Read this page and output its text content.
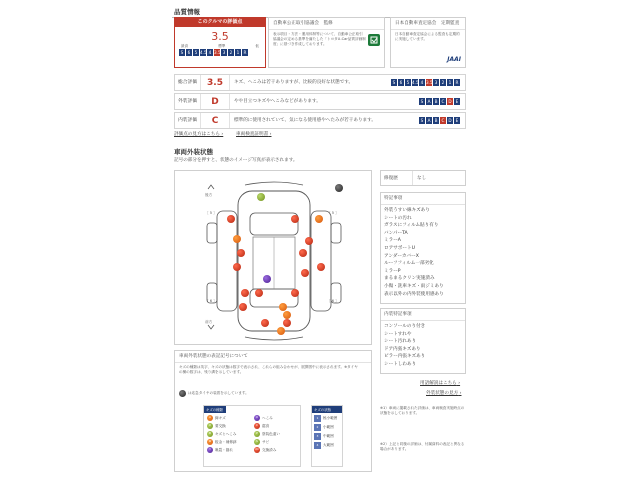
品質情報
このクルマの評価点
3.5
最高	標準	低
S	6	5 4.5 4 3.5 3	2	1	R
自動車公正取引協議会　監修
表示項目・方法・運用体制等について、自動車公正取引協議会の定める基準を満たした「トヨタU-Car品質評価制度」に基づき作成しております。
日本自動車査定協会　定期監査
日本自動車査定協会による監査も定期的に実施しています。
JAAI
総合評価	3.5	キズ、へこみは若干ありますが、比較的良好な状態です。	S	6	5 4.5 4 3.5 3	2	1	R
外装評価	D	やや目立つキズやへこみなどがあります。	S	A B C D E
内装評価	C	標準的に使用されていて、気になる使用感やへたみが若干あります。	S	A B C D E
評価点の見方はこちら ›	車両検査証明書 ›
車両外装状態
記号の部分を押すと、状態のイメージ写真が表示されます。
後方
前方
［ 5 ］	［ 5 ］
［ 6 ］	［ 6 ］
車両外装状態の表記記号について
キズの種類は英字、キズの状態は数字で表示され、これらの組み合わせが、展開図中に表示されます。※タイヤの横の数字は、残り溝を示しています。
は応急タイヤの装着を示しています。
キズの種類
A	線キズ	U	へこみ
X	要交換	C	腐食
B	キズとへこみ	P	塗装色違い
W	板金・補修跡	S	サビ
Y	亀裂・割れ	XX 交換済み
キズの状態
1	極小範囲
2	小範囲
3	中範囲
4	大範囲
修復歴	なし
特記事項
外装うすい線キズあり
シートの汚れ
ガラスにフィルム貼り有り
バンパーTA
ミラーA
ロアサポートU
アンダーカバーX
ルーフフィルム一部劣化
ミラーP
まるまるクリン実施済み
小傷・洗車キズ・雨ジミあり
表示以外の内外装使用感あり
内装特記事項
コンソールのり付き
シートすれや
シート汚れあり
ドア内張キズあり
ピラー内張キズあり
シートしわあり
用語解説はこちら ›
外装状態の見方 ›
※1）車両に掲載された評価は、車両検査実施時点の状態を示しております。
※2）上記と同様の評価は、付属資料の表記と異なる場合があります。
